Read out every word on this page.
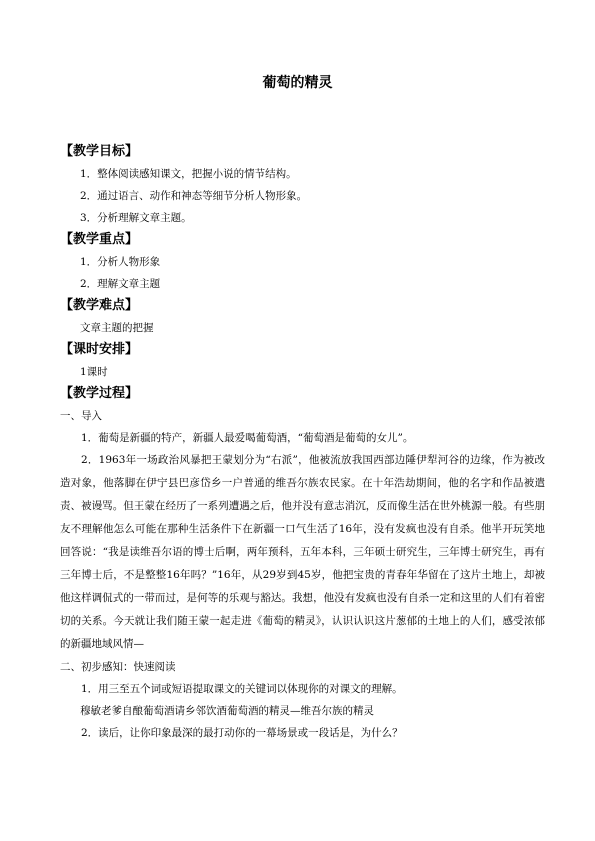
葡萄的精灵
【教学目标】
1．整体阅读感知课文，把握小说的情节结构。
2．通过语言、动作和神态等细节分析人物形象。
3．分析理解文章主题。
【教学重点】
1．分析人物形象
2．理解文章主题
【教学难点】
文章主题的把握
【课时安排】
1课时
【教学过程】
一、导入
1．葡萄是新疆的特产，新疆人最爱喝葡萄酒，“葡萄酒是葡萄的女儿”。

2．1963年一场政治风暴把王蒙划分为“右派”，他被流放我国西部边陲伊犁河谷的边缘，作为被改造对象，他落脚在伊宁县巴彦岱乡一户普通的维吾尔族农民家。在十年浩劫期间，他的名字和作品被遣责、被谩骂。但王蒙在经历了一系列遭遇之后，他并没有意志消沉，反而像生活在世外桃源一般。有些朋友不理解他怎么可能在那种生活条件下在新疆一口气生活了16年，没有发疯也没有自杀。他半开玩笑地回答说：“我是读维吾尔语的博士后啊，两年预科，五年本科，三年硕士研究生，三年博士研究生，再有三年博士后，不是整整16年吗？”16年，从29岁到45岁，他把宝贵的青春年华留在了这片土地上，却被他这样调侃式的一带而过，是何等的乐观与豁达。我想，他没有发疯也没有自杀一定和这里的人们有着密切的关系。今天就让我们随王蒙一起走进《葡萄的精灵》，认识认识这片葱郁的土地上的人们，感受浓郁的新疆地域风情—

二、初步感知：快速阅读
1．用三至五个词或短语提取课文的关键词以体现你的对课文的理解。
穆敏老爹自酿葡萄酒请乡邻饮酒葡萄酒的精灵—维吾尔族的精灵
2．读后，让你印象最深的最打动你的一幕场景或一段话是，为什么？
